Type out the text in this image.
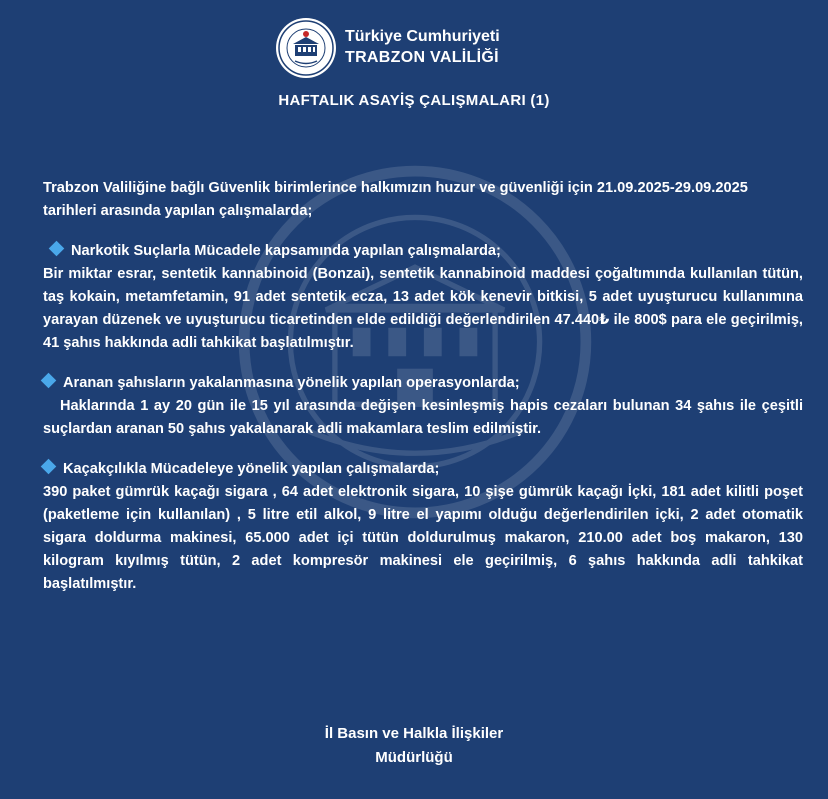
Türkiye Cumhuriyeti
TRABZON VALİLİĞİ
HAFTALIK ASAYİŞ ÇALIŞMALARI (1)

Trabzon Valiliğine bağlı Güvenlik birimlerince halkımızın huzur ve güvenliği için 21.09.2025-29.09.2025 tarihleri arasında yapılan çalışmalarda;

Narkotik Suçlarla Mücadele kapsamında yapılan çalışmalarda;

Bir miktar esrar, sentetik kannabinoid (Bonzai), sentetik kannabinoid maddesi çoğaltımında kullanılan tütün, taş kokain, metamfetamin, 91 adet sentetik ecza, 13 adet kök kenevir bitkisi, 5 adet uyuşturucu kullanımına yarayan düzenek ve uyuşturucu ticaretinden elde edildiği değerlendirilen 47.440₺ ile 800$ para ele geçirilmiş, 41 şahıs hakkında adli tahkikat başlatılmıştır.

Aranan şahısların yakalanmasına yönelik yapılan operasyonlarda;

Haklarında 1 ay 20 gün ile 15 yıl arasında değişen kesinleşmiş hapis cezaları bulunan 34 şahıs ile çeşitli suçlardan aranan 50 şahıs yakalanarak adli makamlara teslim edilmiştir.

Kaçakçılıkla Mücadeleye yönelik yapılan çalışmalarda;

390 paket gümrük kaçağı sigara , 64 adet elektronik sigara, 10 şişe gümrük kaçağı İçki, 181 adet kilitli poşet (paketleme için kullanılan) , 5 litre etil alkol, 9 litre el yapımı olduğu değerlendirilen içki, 2 adet otomatik sigara doldurma makinesi, 65.000 adet içi tütün doldurulmuş makaron, 210.00 adet boş makaron, 130 kilogram kıyılmış tütün, 2 adet kompresör makinesi ele geçirilmiş, 6 şahıs hakkında adli tahkikat başlatılmıştır.

İl Basın ve Halkla İlişkiler
Müdürlüğü
